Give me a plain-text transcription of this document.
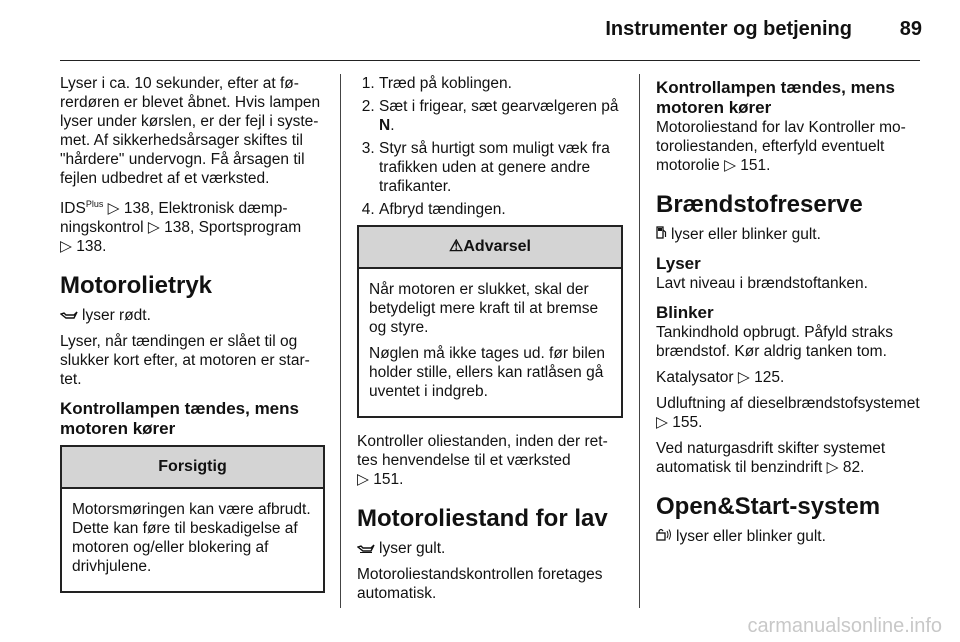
Instrumenter og betjening 89

Lyser i ca. 10 sekunder, efter at førerdøren er blevet åbnet. Hvis lampen lyser under kørslen, er der fejl i systemet. Af sikkerhedsårsager skiftes til "hårdere" undervogn. Få årsagen til fejlen udbedret af et værksted.

$IDS^{Plus}$ ▷ 138, Elektronisk dæmpningskontrol ▷ 138, Sportsprogram
▷ 138.

Motorolietryk

lyser rødt.

Lyser, når tændingen er slået til og slukker kort efter, at motoren er startet.

Kontrollampen tændes, mens motoren kører
Forsigtig

Motorsmøringen kan være afbrudt. Dette kan føre til beskadigelse af motoren og/eller blokering af drivhjulene.

1. Træd på koblingen.
2. Sæt i frigear, sæt gearvælgeren på N.
3. Styr så hurtigt som muligt væk fra trafikken uden at genere andre trafikanter.
4. Afbryd tændingen.
⚠Advarsel

Når motoren er slukket, skal der betydeligt mere kraft til at bremse og styre.

Nøglen må ikke tages ud. før bilen holder stille, ellers kan ratlåsen gå uventet i indgreb.

Kontroller oliestanden, inden der rettes henvendelse til et værksted
▷ 151.

Motoroliestand for lav

lyser gult.

Motoroliestandskontrollen foretages automatisk.

Kontrollampen tændes, mens motoren kører

Motoroliestand for lav Kontroller motoroliestanden, efterfyld eventuelt motorolie ▷ 151.

Brændstofreserve

lyser eller blinker gult.

Lyser

Lavt niveau i brændstoftanken.

Blinker

Tankindhold opbrugt. Påfyld straks brændstof. Kør aldrig tanken tom.

Katalysator ▷ 125.

Udluftning af dieselbrændstofsystemet ▷ 155.

Ved naturgasdrift skifter systemet automatisk til benzindrift ▷ 82.

Open&Start-system

lyser eller blinker gult.

carmanualsonline.info
